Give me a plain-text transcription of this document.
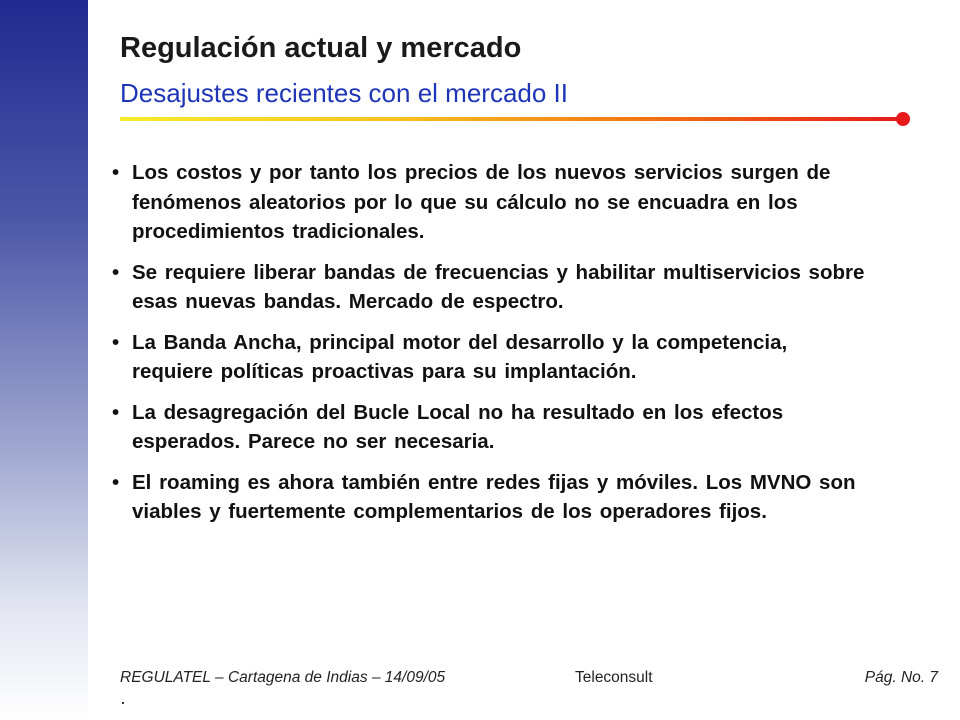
Regulación actual y mercado
Desajustes recientes con el mercado II
• Los costos y por tanto los precios de los nuevos servicios surgen de fenómenos aleatorios por lo que su cálculo no se encuadra en los procedimientos tradicionales.
• Se requiere liberar bandas de frecuencias y habilitar multiservicios sobre esas nuevas bandas. Mercado de espectro.
• La Banda Ancha, principal motor del desarrollo y la competencia, requiere políticas proactivas para su implantación.
• La desagregación del Bucle Local no ha resultado en los efectos esperados. Parece no ser necesaria.
• El roaming es ahora también entre redes fijas y móviles. Los MVNO son viables y fuertemente complementarios de los operadores fijos.
REGULATEL – Cartagena de Indias – 14/09/05	Teleconsult	Pág. No. 7
